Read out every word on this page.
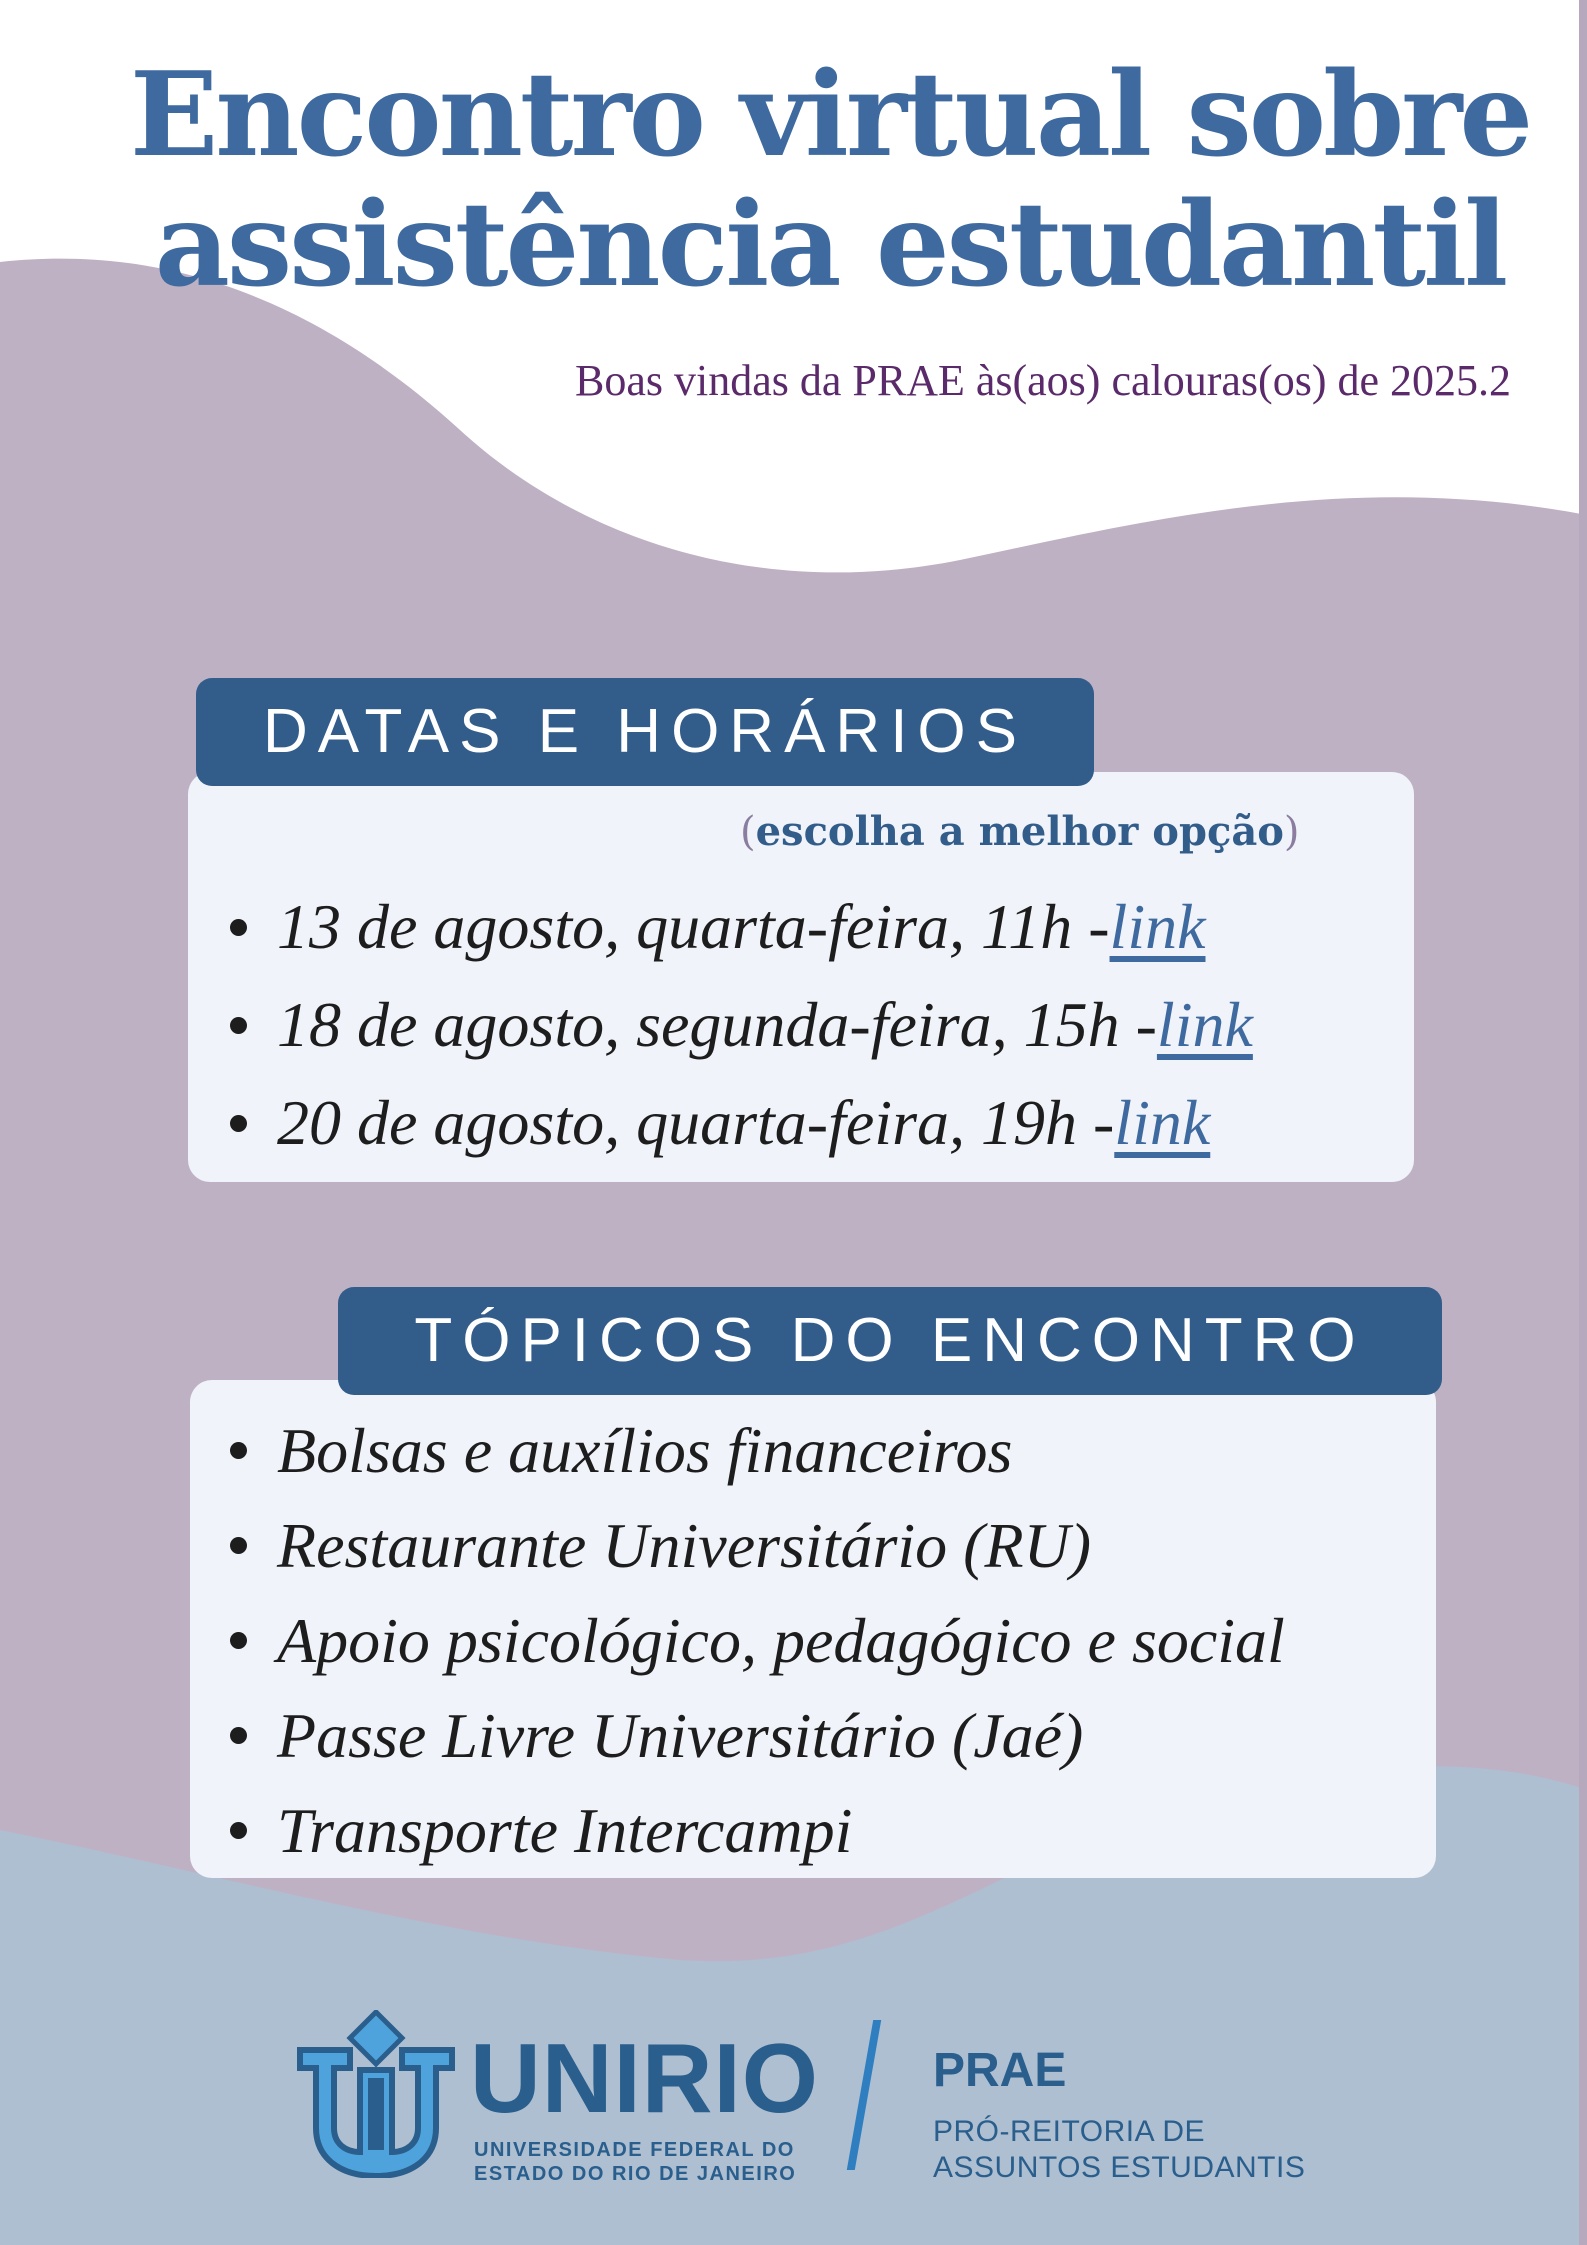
Encontro virtual sobre
assistência estudantil
Boas vindas da PRAE às(aos) calouras(os) de 2025.2
DATAS E HORÁRIOS
(escolha a melhor opção)
13 de agosto, quarta-feira, 11h - link
18 de agosto, segunda-feira, 15h - link
20 de agosto, quarta-feira, 19h - link
TÓPICOS DO ENCONTRO
Bolsas e auxílios financeiros
Restaurante Universitário (RU)
Apoio psicológico, pedagógico e social
Passe Livre Universitário (Jaé)
Transporte Intercampi
UNIRIO
UNIVERSIDADE FEDERAL DO
ESTADO DO RIO DE JANEIRO
PRAE
PRÓ-REITORIA DE
ASSUNTOS ESTUDANTIS
